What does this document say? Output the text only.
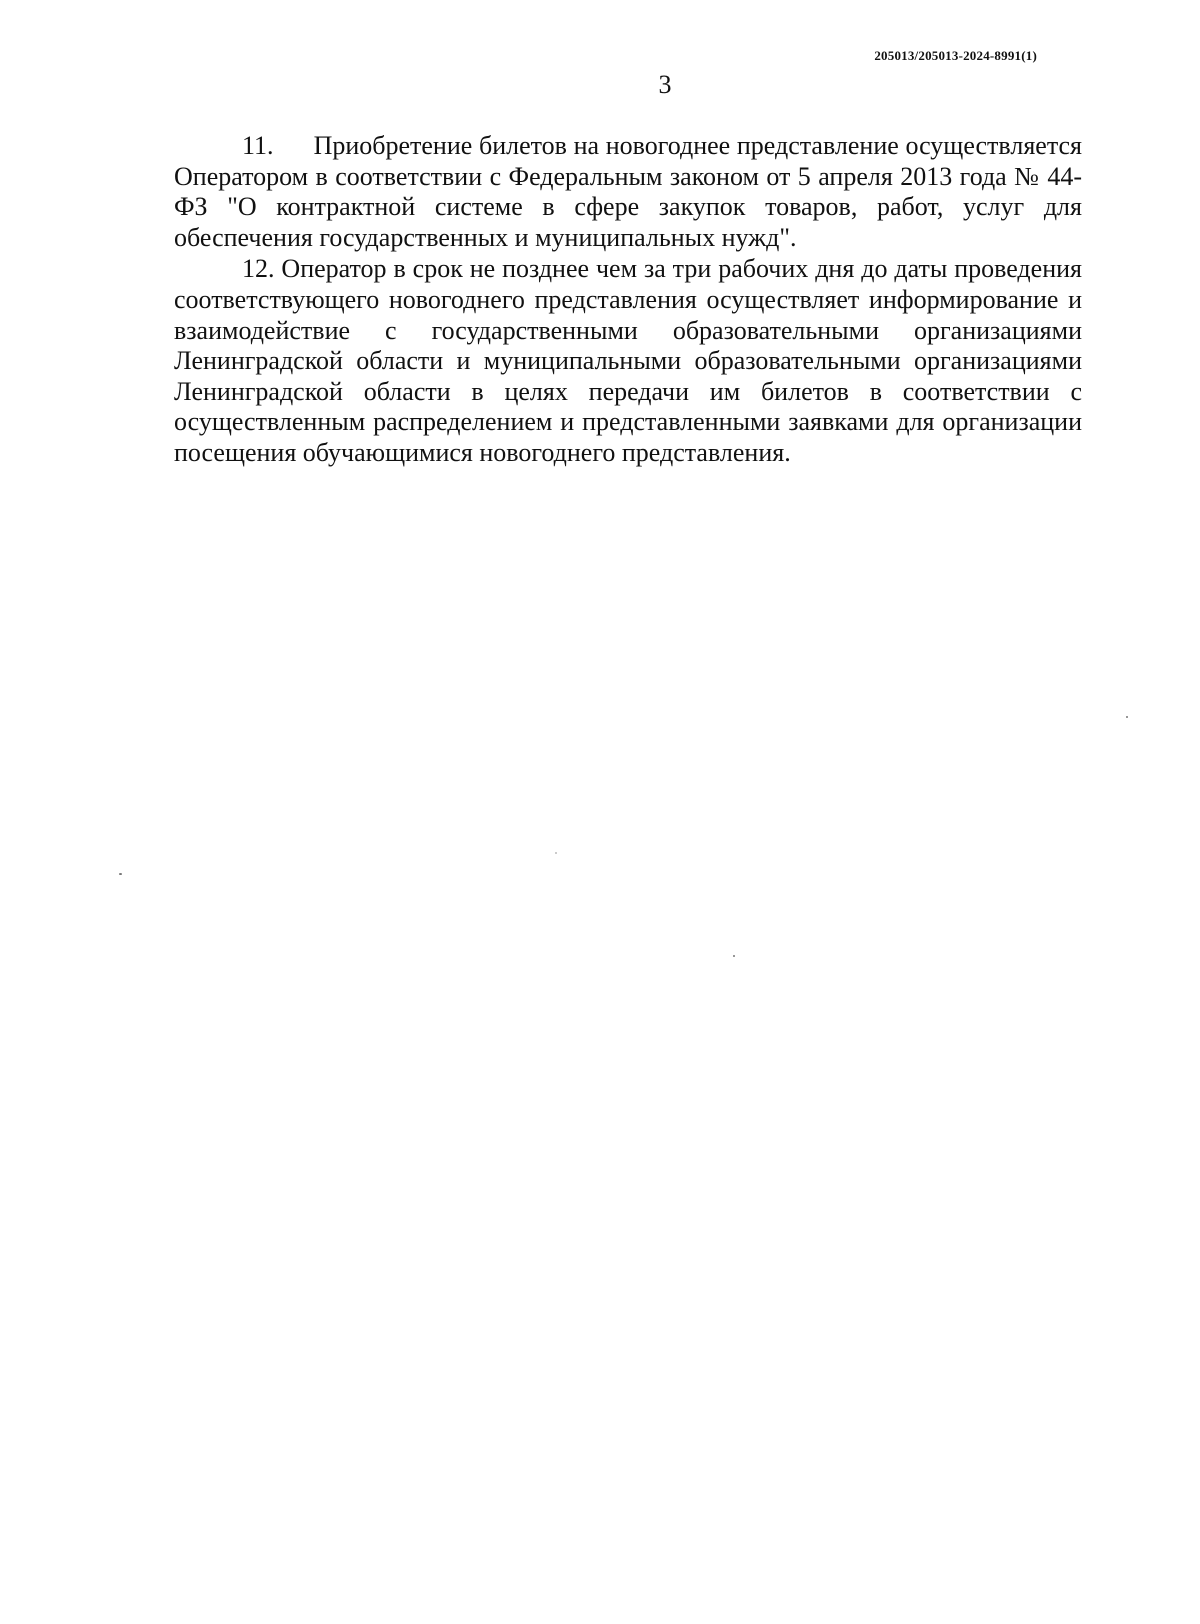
205013/205013-2024-8991(1)
3

11. Приобретение билетов на новогоднее представление осуществляется Оператором в соответствии с Федеральным законом от 5 апреля 2013 года № 44-ФЗ "О контрактной системе в сфере закупок товаров, работ, услуг для обеспечения государственных и муниципальных нужд".

12. Оператор в срок не позднее чем за три рабочих дня до даты проведения соответствующего новогоднего представления осуществляет информирование и взаимодействие с государственными образовательными организациями Ленинградской области и муниципальными образовательными организациями Ленинградской области в целях передачи им билетов в соответствии с осуществленным распределением и представленными заявками для организации посещения обучающимися новогоднего представления.
